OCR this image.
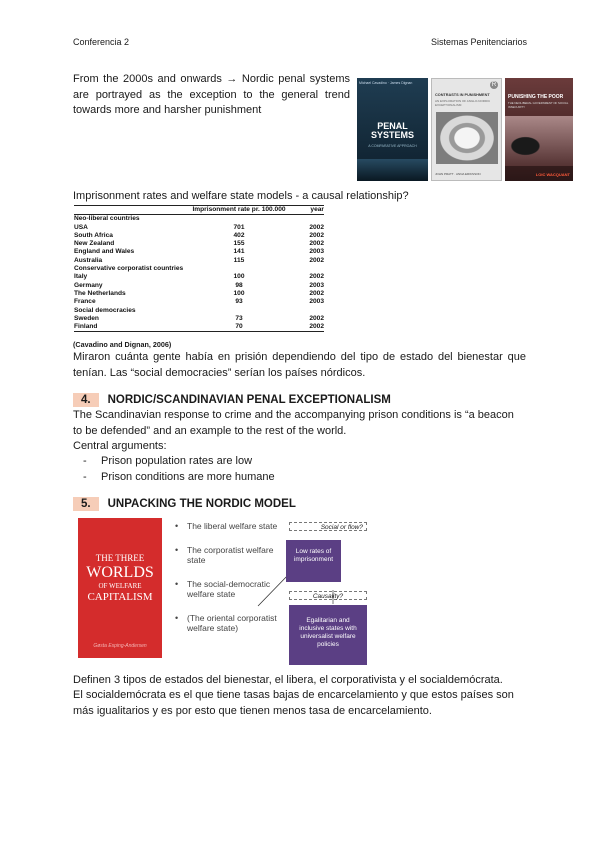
Conferencia 2	Sistemas Penitenciarios
From the 2000s and onwards → Nordic penal systems are portrayed as the exception to the general trend towards more and harsher punishment
Michael Cavadino · James Dignan
PENAL SYSTEMS
A COMPARATIVE APPROACH
R
CONTRASTS IN PUNISHMENT
AN EXPLORATION OF ANGLO-NORDIC EXCEPTIONALISM
JOHN PRATT · ANNA ERIKSSON
PUNISHING THE POOR
THE NEOLIBERAL GOVERNMENT OF SOCIAL INSECURITY
LOIC WACQUANT
Imprisonment rates and welfare state models - a causal relationship?
	Imprisonment rate pr. 100.000	year
Neo-liberal countries		
USA	701	2002
South Africa	402	2002
New Zealand	155	2002
England and Wales	141	2003
Australia	115	2002
Conservative corporatist countries		
Italy	100	2002
Germany	98	2003
The Netherlands	100	2002
France	93	2003
Social democracies		
Sweden	73	2002
Finland	70	2002
(Cavadino and Dignan, 2006)
Miraron cuánta gente había en prisión dependiendo del tipo de estado del bienestar que tenían. Las “social democracies” serían los países nórdicos.
4. NORDIC/SCANDINAVIAN PENAL EXCEPTIONALISM
The Scandinavian response to crime and the accompanying prison conditions is “a beacon to be defended” and an example to the rest of the world.
Central arguments:
- Prison population rates are low
- Prison conditions are more humane
5. UNPACKING THE NORDIC MODEL
THE THREE
WORLDS
OF WELFARE
CAPITALISM
Gøsta Esping-Andersen
• The liberal welfare state
• The corporatist welfare state
• The social-democratic welfare state
• (The oriental corporatist welfare state)
Social or flow?
Low rates of imprisonment
Causality?
Egalitarian and inclusive states with universalist welfare policies
Definen 3 tipos de estados del bienestar, el libera, el corporativista y el socialdemócrata.
El socialdemócrata es el que tiene tasas bajas de encarcelamiento y que estos países son más igualitarios y es por esto que tienen menos tasa de encarcelamiento.
